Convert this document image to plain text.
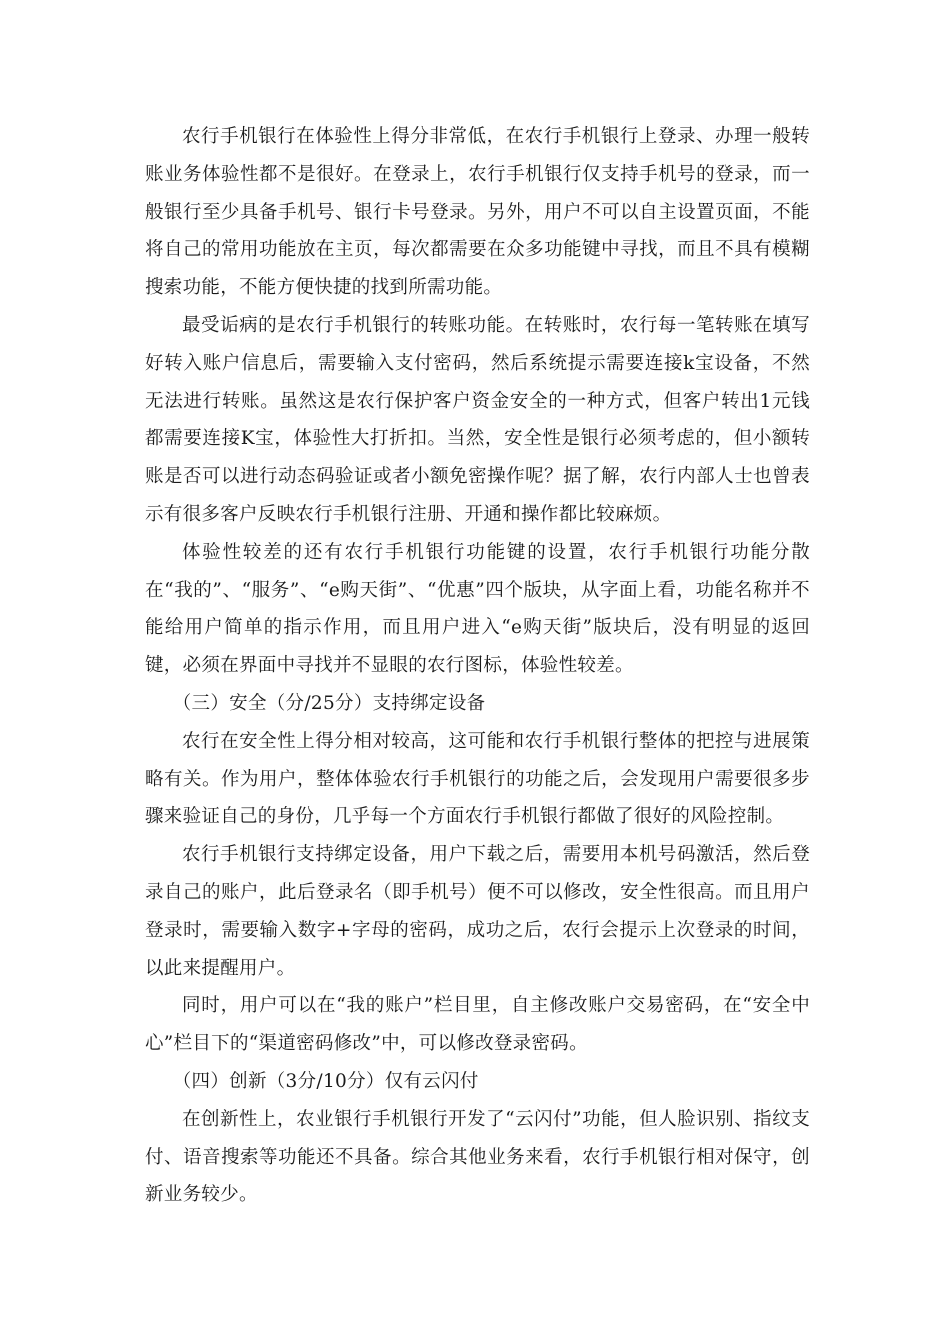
农行手机银行在体验性上得分非常低，在农行手机银行上登录、办理一般转账业务体验性都不是很好。在登录上，农行手机银行仅支持手机号的登录，而一般银行至少具备手机号、银行卡号登录。另外，用户不可以自主设置页面，不能将自己的常用功能放在主页，每次都需要在众多功能键中寻找，而且不具有模糊搜索功能，不能方便快捷的找到所需功能。

最受诟病的是农行手机银行的转账功能。在转账时，农行每一笔转账在填写好转入账户信息后，需要输入支付密码，然后系统提示需要连接k宝设备，不然无法进行转账。虽然这是农行保护客户资金安全的一种方式，但客户转出1元钱都需要连接K宝，体验性大打折扣。当然，安全性是银行必须考虑的，但小额转账是否可以进行动态码验证或者小额免密操作呢？据了解，农行内部人士也曾表示有很多客户反映农行手机银行注册、开通和操作都比较麻烦。

体验性较差的还有农行手机银行功能键的设置，农行手机银行功能分散在“我的”、“服务”、“e购天街”、“优惠”四个版块，从字面上看，功能名称并不能给用户简单的指示作用，而且用户进入“e购天街”版块后，没有明显的返回键，必须在界面中寻找并不显眼的农行图标，体验性较差。

（三）安全（分/25分）支持绑定设备

农行在安全性上得分相对较高，这可能和农行手机银行整体的把控与进展策略有关。作为用户，整体体验农行手机银行的功能之后，会发现用户需要很多步骤来验证自己的身份，几乎每一个方面农行手机银行都做了很好的风险控制。

农行手机银行支持绑定设备，用户下载之后，需要用本机号码激活，然后登录自己的账户，此后登录名（即手机号）便不可以修改，安全性很高。而且用户登录时，需要输入数字+字母的密码，成功之后，农行会提示上次登录的时间，以此来提醒用户。

同时，用户可以在“我的账户”栏目里，自主修改账户交易密码，在“安全中心”栏目下的“渠道密码修改”中，可以修改登录密码。

（四）创新（3分/10分）仅有云闪付

在创新性上，农业银行手机银行开发了“云闪付”功能，但人脸识别、指纹支付、语音搜索等功能还不具备。综合其他业务来看，农行手机银行相对保守，创新业务较少。
